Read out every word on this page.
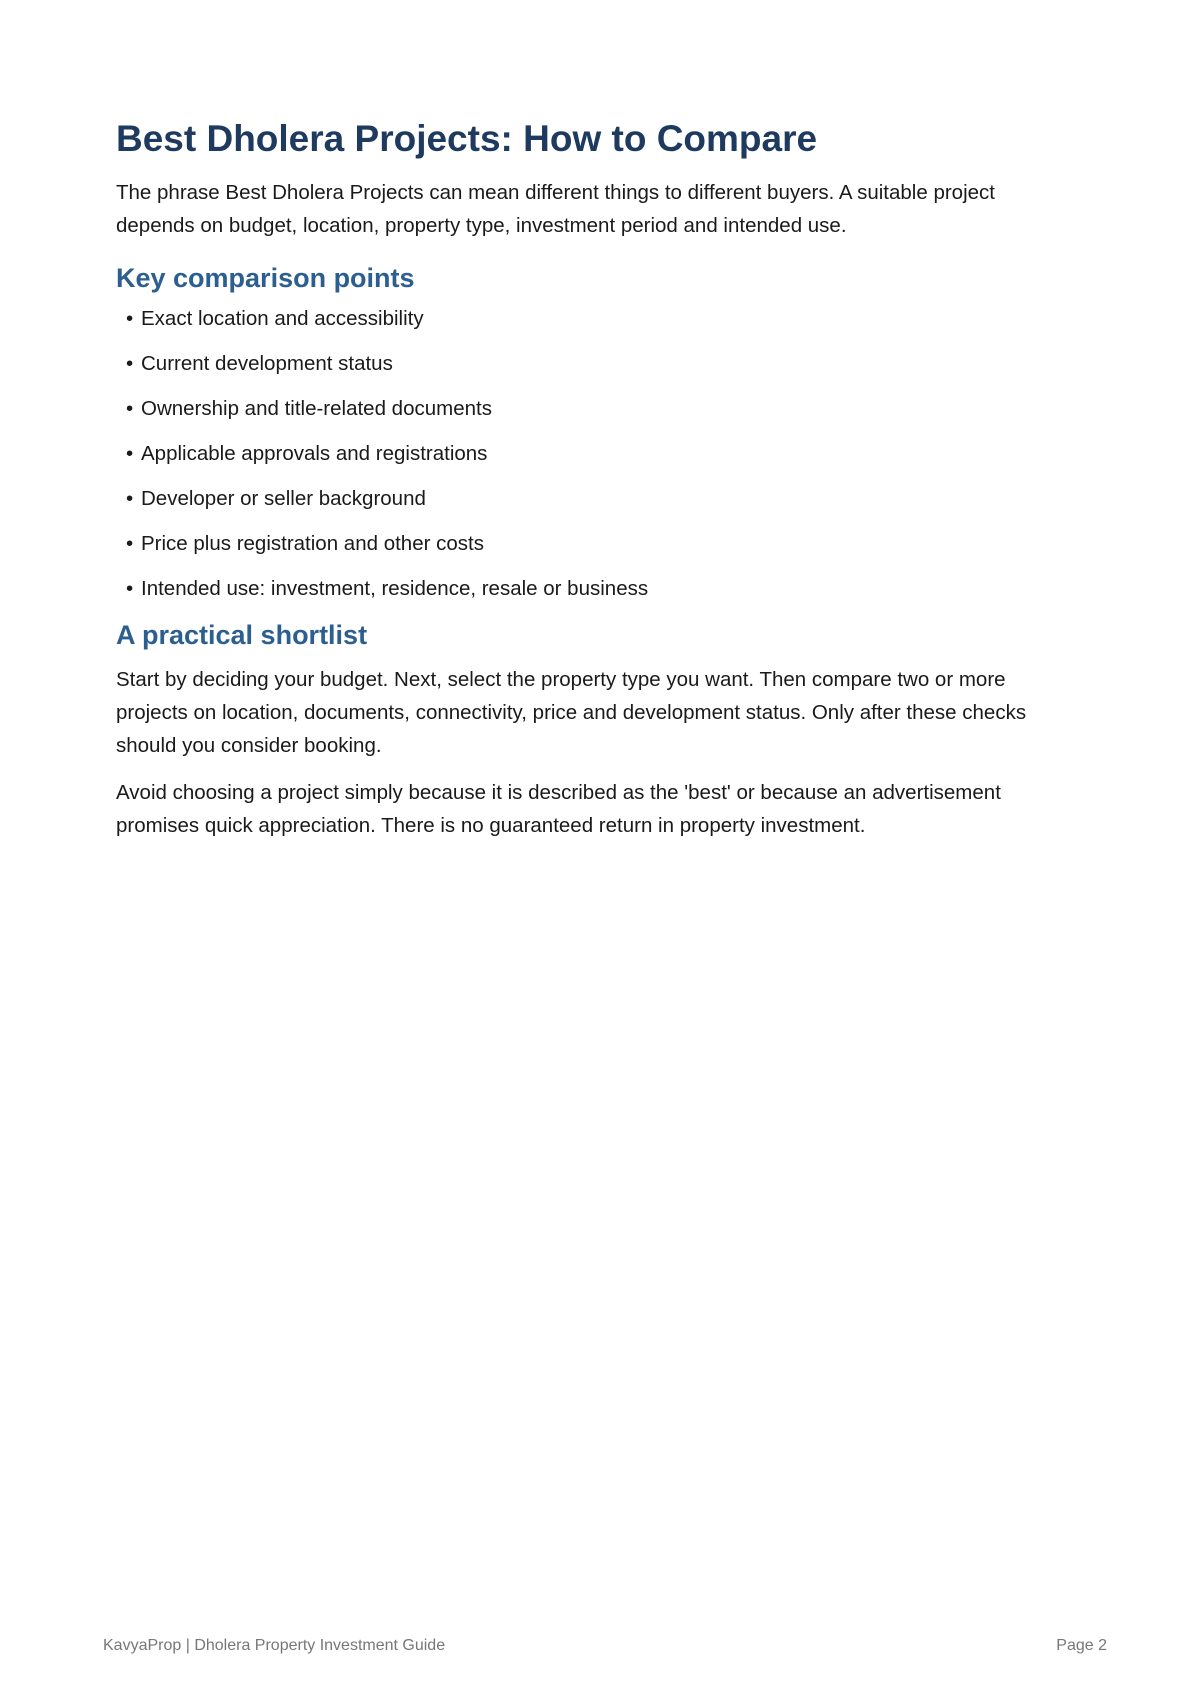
Best Dholera Projects: How to Compare

The phrase Best Dholera Projects can mean different things to different buyers. A suitable project depends on budget, location, property type, investment period and intended use.

Key comparison points
• Exact location and accessibility
• Current development status
• Ownership and title-related documents
• Applicable approvals and registrations
• Developer or seller background
• Price plus registration and other costs
• Intended use: investment, residence, resale or business
A practical shortlist

Start by deciding your budget. Next, select the property type you want. Then compare two or more projects on location, documents, connectivity, price and development status. Only after these checks should you consider booking.

Avoid choosing a project simply because it is described as the 'best' or because an advertisement promises quick appreciation. There is no guaranteed return in property investment.

KavyaProp | Dholera Property Investment Guide	Page 2
